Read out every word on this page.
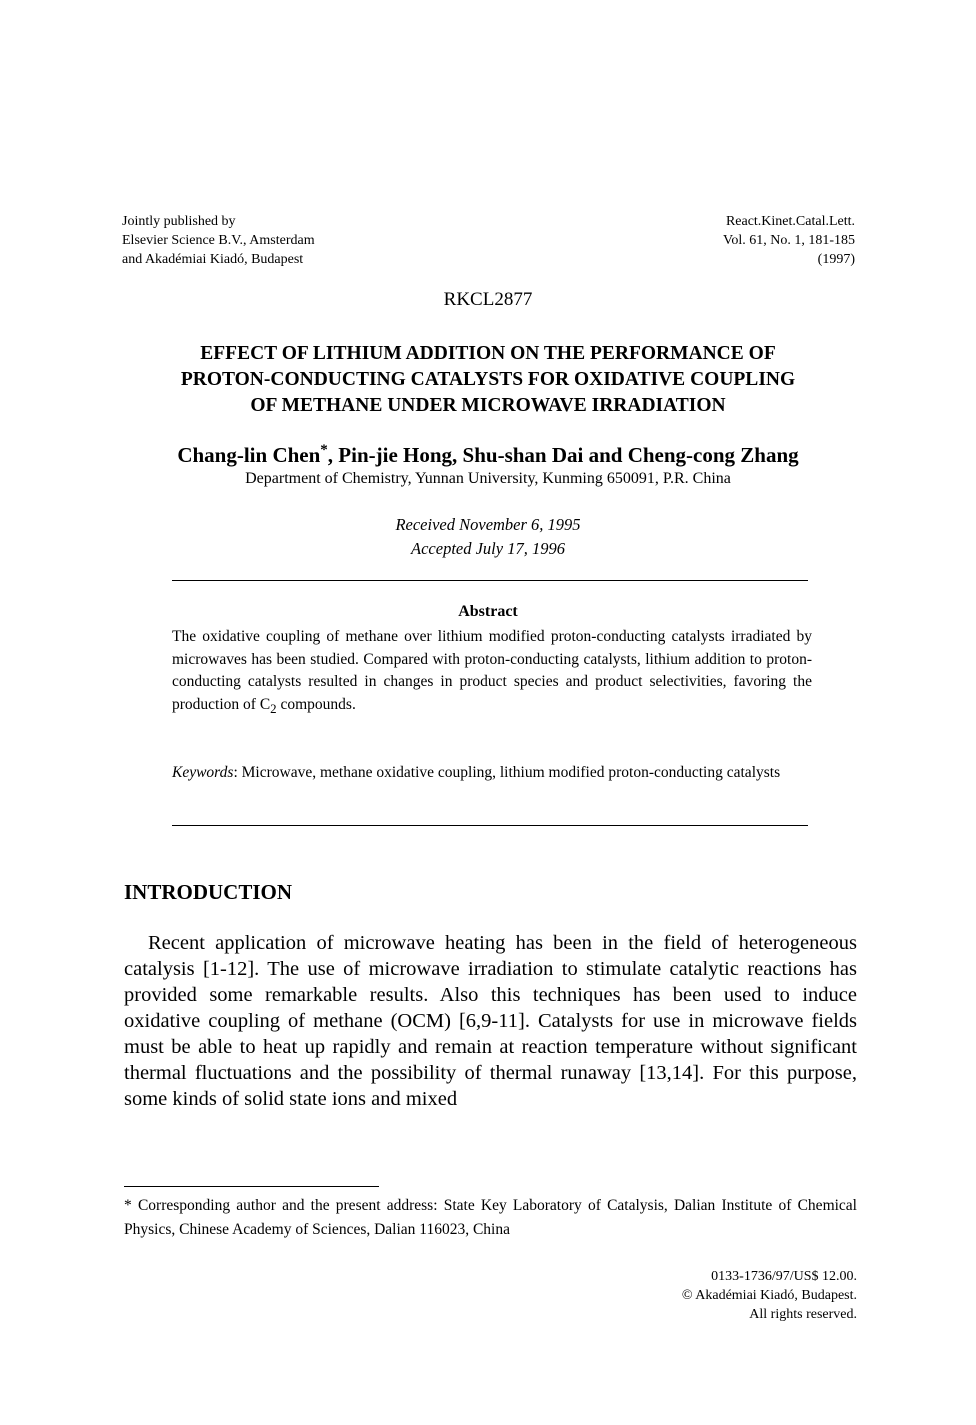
Jointly published by
Elsevier Science B.V., Amsterdam
and Akadémiai Kiadó, Budapest
React.Kinet.Catal.Lett.
Vol. 61, No. 1, 181-185
(1997)
RKCL2877
EFFECT OF LITHIUM ADDITION ON THE PERFORMANCE OF
PROTON-CONDUCTING CATALYSTS FOR OXIDATIVE COUPLING
OF METHANE UNDER MICROWAVE IRRADIATION
Chang-lin Chen*, Pin-jie Hong, Shu-shan Dai and Cheng-cong Zhang
Department of Chemistry, Yunnan University, Kunming 650091, P.R. China
Received November 6, 1995
Accepted July 17, 1996
Abstract
The oxidative coupling of methane over lithium modified proton-conducting catalysts irradiated by microwaves has been studied. Compared with proton-conducting catalysts, lithium addition to proton-conducting catalysts resulted in changes in product species and product selectivities, favoring the production of $C_2$ compounds.
Keywords: Microwave, methane oxidative coupling, lithium modified proton-conducting catalysts
INTRODUCTION
Recent application of microwave heating has been in the field of heterogeneous catalysis [1-12]. The use of microwave irradiation to stimulate catalytic reactions has provided some remarkable results. Also this techniques has been used to induce oxidative coupling of methane (OCM) [6,9-11]. Catalysts for use in microwave fields must be able to heat up rapidly and remain at reaction temperature without significant thermal fluctuations and the possibility of thermal runaway [13,14]. For this purpose, some kinds of solid state ions and mixed
* Corresponding author and the present address: State Key Laboratory of Catalysis, Dalian Institute of Chemical Physics, Chinese Academy of Sciences, Dalian 116023, China
0133-1736/97/US$ 12.00.
© Akadémiai Kiadó, Budapest.
All rights reserved.
